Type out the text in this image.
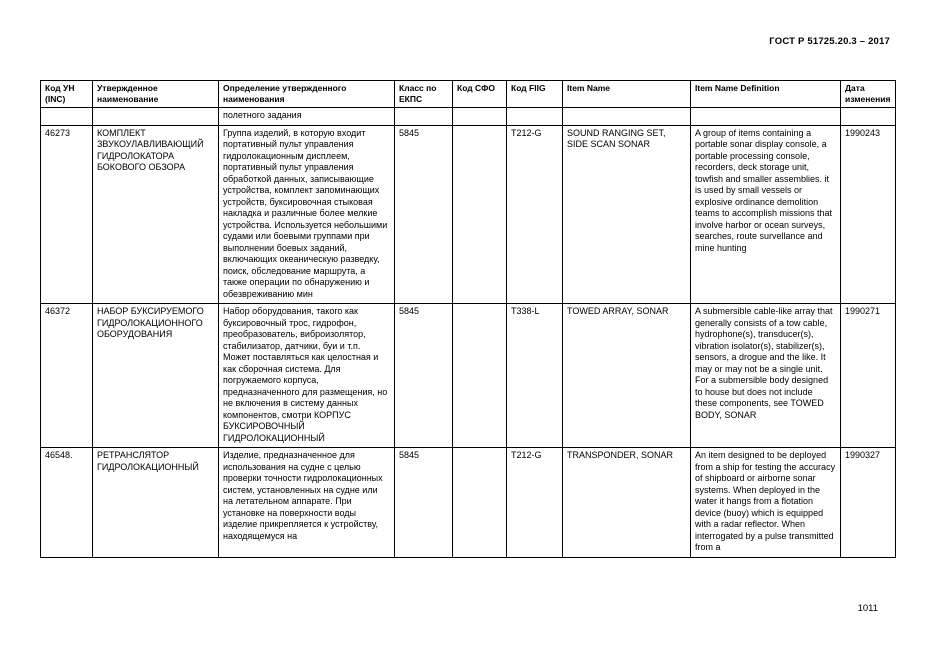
ГОСТ Р 51725.20.3 – 2017
Код УН (INC)	Утвержденное наименование	Определение утвержденного наименования	Класс по ЕКПС	Код СФО	Код FIIG	Item Name	Item Name Definition	Дата изменения
		полетного задания						
46273	КОМПЛЕКТ ЗВУКОУЛАВЛИВАЮЩИЙ ГИДРОЛОКАТОРА БОКОВОГО ОБЗОРА	Группа изделий, в которую входит портативный пульт управления гидролокационным дисплеем, портативный пульт управления обработкой данных, записывающие устройства, комплект запоминающих устройств, буксировочная стыковая накладка и различные более мелкие устройства. Используется небольшими судами или боевыми группами при выполнении боевых заданий, включающих океаническую разведку, поиск, обследование маршрута, а также операции по обнаружению и обезвреживанию мин	5845		T212-G	SOUND RANGING SET, SIDE SCAN SONAR	A group of items containing a portable sonar display console, a portable processing console, recorders, deck storage unit, towfish and smaller assemblies. it is used by small vessels or explosive ordinance demolition teams to accomplish missions that involve harbor or ocean surveys, searches, route survellance and mine hunting	1990243
46372	НАБОР БУКСИРУЕМОГО ГИДРОЛОКАЦИОННОГО ОБОРУДОВАНИЯ	Набор оборудования, такого как буксировочный трос, гидрофон, преобразователь, виброизолятор, стабилизатор, датчики, буи и т.п. Может поставляться как целостная и как сборочная система. Для погружаемого корпуса, предназначенного для размещения, но не включения в систему данных компонентов, смотри КОРПУС БУКСИРОВОЧНЫЙ ГИДРОЛОКАЦИОННЫЙ	5845		T338-L	TOWED ARRAY, SONAR	A submersible cable-like array that generally consists of a tow cable, hydrophone(s), transducer(s), vibration isolator(s), stabilizer(s), sensors, a drogue and the like. It may or may not be a single unit. For a submersible body designed to house but does not include these components, see TOWED BODY, SONAR	1990271
46548.	РЕТРАНСЛЯТОР ГИДРОЛОКАЦИОННЫЙ	Изделие, предназначенное для использования на судне с целью проверки точности гидролокационных систем, установленных на судне или на летательном аппарате. При установке на поверхности воды изделие прикрепляется к устройству, находящемуся на	5845		T212-G	TRANSPONDER, SONAR	An item designed to be deployed from a ship for testing the accuracy of shipboard or airborne sonar systems. When deployed in the water it hangs from a flotation device (buoy) which is equipped with a radar reflector. When interrogated by a pulse transmitted from a	1990327
1011
